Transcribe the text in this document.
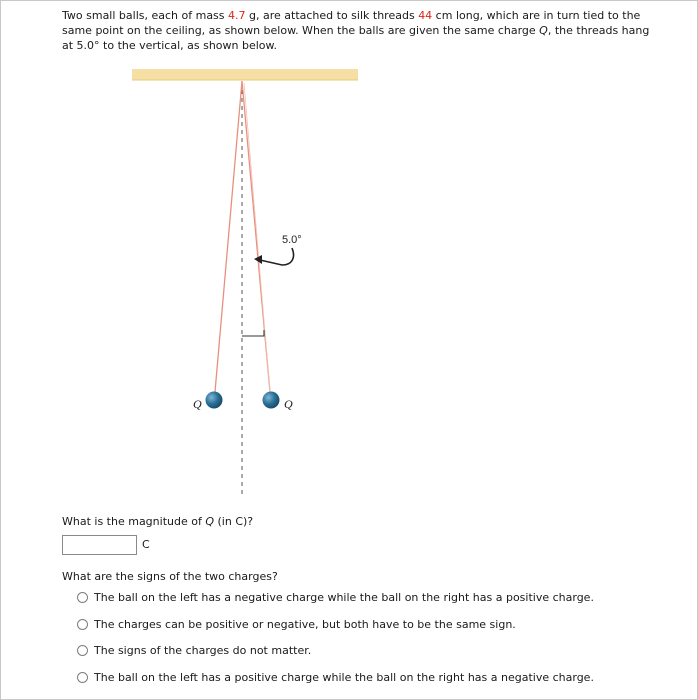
Two small balls, each of mass 4.7 g, are attached to silk threads 44 cm long, which are in turn tied to the same point on the ceiling, as shown below. When the balls are given the same charge Q, the threads hang at 5.0° to the vertical, as shown below.
5.0°
Q	Q
What is the magnitude of Q (in C)?
C
What are the signs of the two charges?
The ball on the left has a negative charge while the ball on the right has a positive charge.
The charges can be positive or negative, but both have to be the same sign.
The signs of the charges do not matter.
The ball on the left has a positive charge while the ball on the right has a negative charge.
